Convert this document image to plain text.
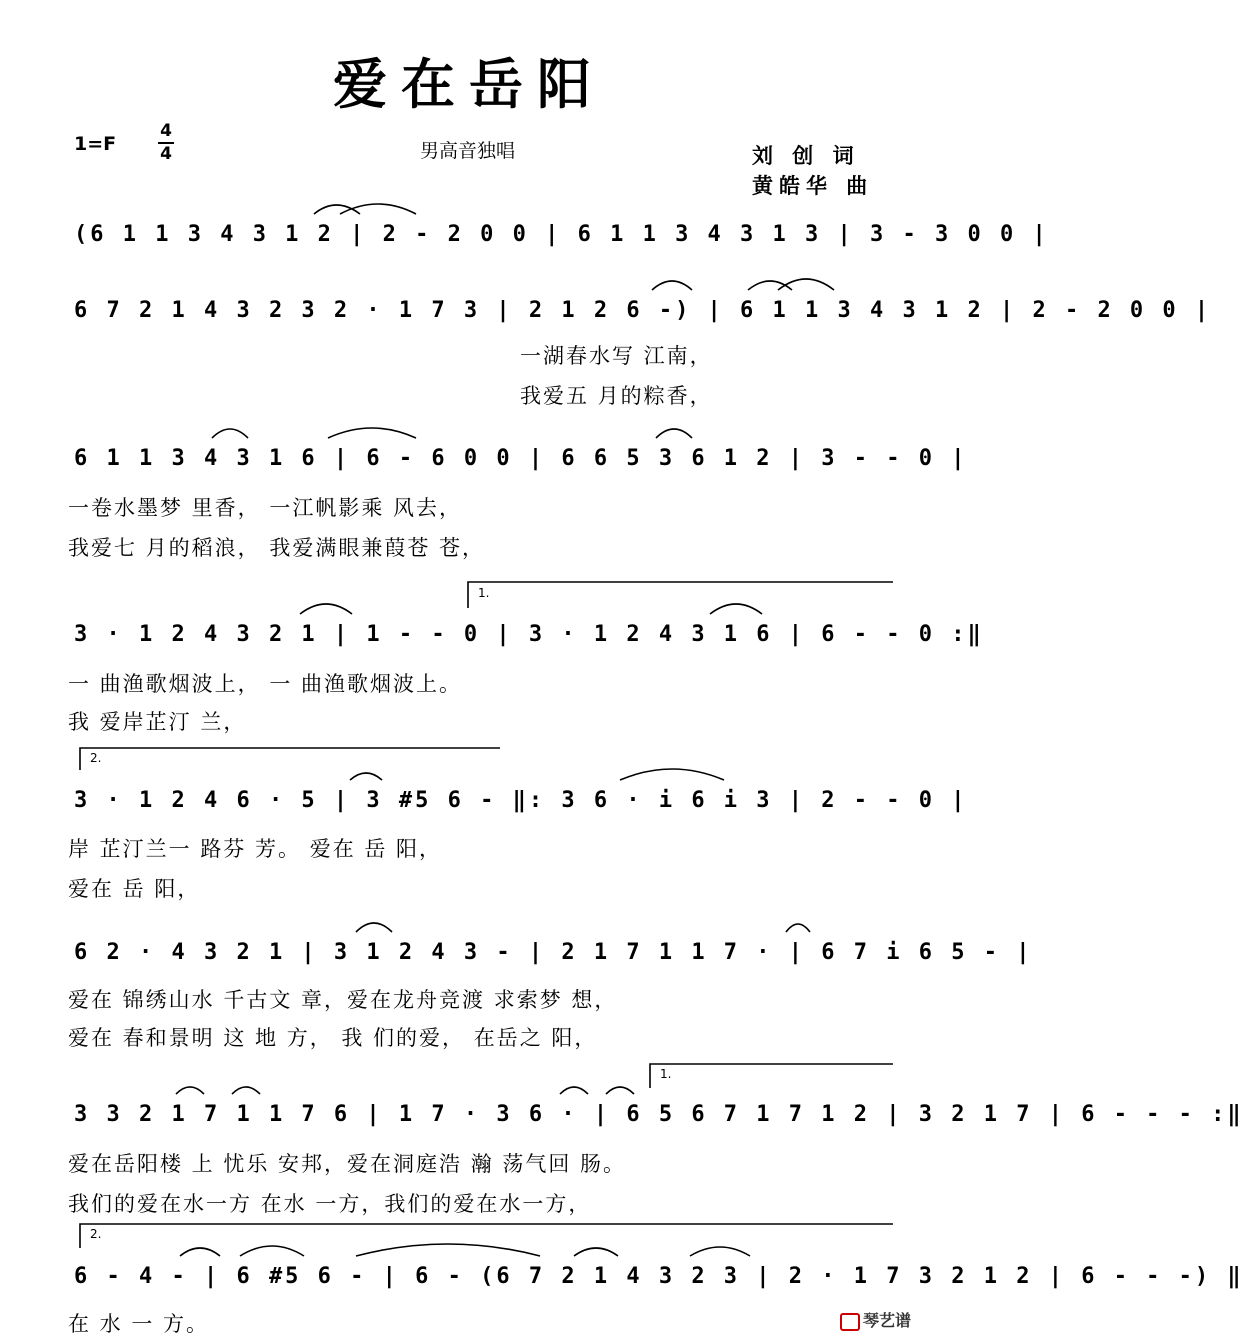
爱在岳阳
1=F
4
4	男高音独唱	刘 创 词
黄皓华 曲
(6 1 1 3 4 3 1 2 | 2 - 2 0 0 | 6 1 1 3 4 3 1 3 | 3 - 3 0 0 |
6 7 2 1 4 3 2 3 2 · 1 7 3 | 2 1 2 6 -) | 6 1 1 3 4 3 1 2 | 2 - 2 0 0 |
一湖春水写 江南，
我爱五 月的粽香，
6 1 1 3 4 3 1 6 | 6 - 6 0 0 | 6 6 5 3 6 1 2 | 3 - - 0 |
一卷水墨梦 里香， 一江帆影乘 风去，
我爱七 月的稻浪， 我爱满眼兼葭苍 苍，
3 · 1 2 4 3 2 1 | 1 - - 0 | 3 · 1 2 4 3 1 6 | 6 - - 0 :‖
一 曲渔歌烟波上， 一 曲渔歌烟波上。
我 爱岸芷汀 兰，
3 · 1 2 4 6 · 5 | 3 #5 6 - ‖: 3 6 · i 6 i 3 | 2 - - 0 |
岸 芷汀兰一 路芬 芳。 爱在 岳 阳，
爱在 岳 阳，
6 2 · 4 3 2 1 | 3 1 2 4 3 - | 2 1 7 1 1 7 · | 6 7 i 6 5 - |
爱在 锦绣山水 千古文 章，爱在龙舟竞渡 求索梦 想，
爱在 春和景明 这 地 方， 我 们的爱， 在岳之 阳，
3 3 2 1 7 1 1 7 6 | 1 7 · 3 6 · | 6 5 6 7 1 7 1 2 | 3 2 1 7 | 6 - - - :‖
爱在岳阳楼 上 忧乐 安邦，爱在洞庭浩 瀚 荡气回 肠。
我们的爱在水一方 在水 一方，我们的爱在水一方，
6 - 4 - | 6 #5 6 - | 6 - (6 7 2 1 4 3 2 3 | 2 · 1 7 3 2 1 2 | 6 - - -) ‖
在 水 一 方。
1.
2.
1.
2.
琴艺谱
